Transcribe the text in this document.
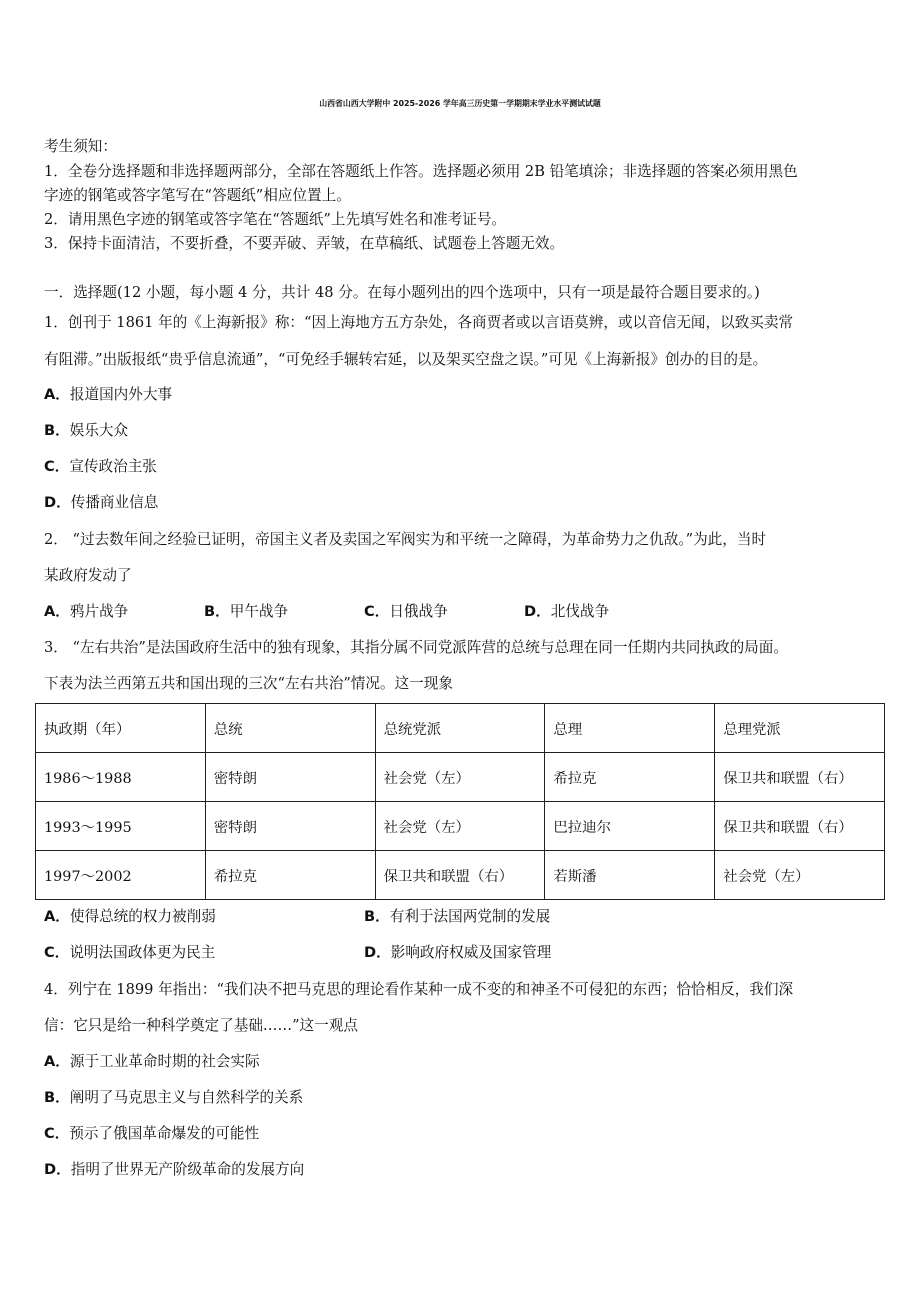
山西省山西大学附中 2025-2026 学年高三历史第一学期期末学业水平测试试题
考生须知：
1．全卷分选择题和非选择题两部分，全部在答题纸上作答。选择题必须用 2B 铅笔填涂；非选择题的答案必须用黑色
字迹的钢笔或答字笔写在“答题纸”相应位置上。
2．请用黑色字迹的钢笔或答字笔在“答题纸”上先填写姓名和准考证号。
3．保持卡面清洁，不要折叠，不要弄破、弄皱，在草稿纸、试题卷上答题无效。
一．选择题(12 小题，每小题 4 分，共计 48 分。在每小题列出的四个选项中，只有一项是最符合题目要求的。)
1．创刊于 1861 年的《上海新报》称：“因上海地方五方杂处，各商贾者或以言语莫辨，或以音信无闻，以致买卖常
有阻滞。”出版报纸“贵乎信息流通”，“可免经手辗转宕延，以及架买空盘之误。”可见《上海新报》创办的目的是。
A．报道国内外大事
B．娱乐大众
C．宣传政治主张
D．传播商业信息
2． “过去数年间之经验已证明，帝国主义者及卖国之军阀实为和平统一之障碍，为革命势力之仇敌。”为此，当时
某政府发动了
A．鸦片战争	B．甲午战争	C．日俄战争	D．北伐战争
3． “左右共治”是法国政府生活中的独有现象，其指分属不同党派阵营的总统与总理在同一任期内共同执政的局面。
下表为法兰西第五共和国出现的三次“左右共治”情况。这一现象
执政期（年）	总统	总统党派	总理	总理党派
1986～1988	密特朗	社会党（左）	希拉克	保卫共和联盟（右）
1993～1995	密特朗	社会党（左）	巴拉迪尔	保卫共和联盟（右）
1997～2002	希拉克	保卫共和联盟（右）	若斯潘	社会党（左）
A．使得总统的权力被削弱	B．有利于法国两党制的发展
C．说明法国政体更为民主	D．影响政府权威及国家管理
4．列宁在 1899 年指出：“我们决不把马克思的理论看作某种一成不变的和神圣不可侵犯的东西；恰恰相反，我们深
信：它只是给一种科学奠定了基础……”这一观点
A．源于工业革命时期的社会实际
B．阐明了马克思主义与自然科学的关系
C．预示了俄国革命爆发的可能性
D．指明了世界无产阶级革命的发展方向
